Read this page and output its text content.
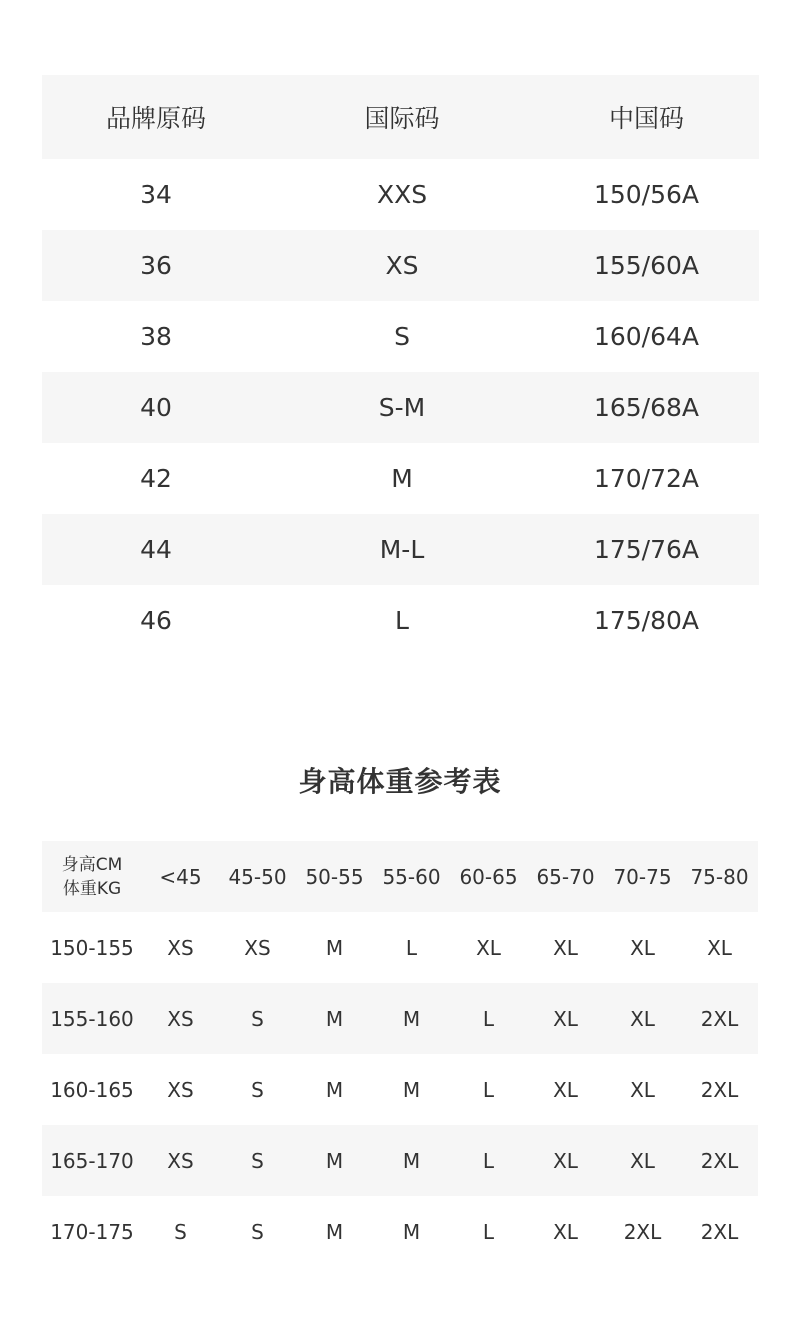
品牌原码	国际码	中国码
34	XXS	150/56A
36	XS	155/60A
38	S	160/64A
40	S-M	165/68A
42	M	170/72A
44	M-L	175/76A
46	L	175/80A
身高体重参考表
身高CM
体重KG	<45	45-50 50-55 55-60 60-65 65-70 70-75 75-80
150-155	XS	XS	M	L	XL	XL	XL	XL
155-160	XS	S	M	M	L	XL	XL	2XL
160-165	XS	S	M	M	L	XL	XL	2XL
165-170	XS	S	M	M	L	XL	XL	2XL
170-175	S	S	M	M	L	XL	2XL	2XL
